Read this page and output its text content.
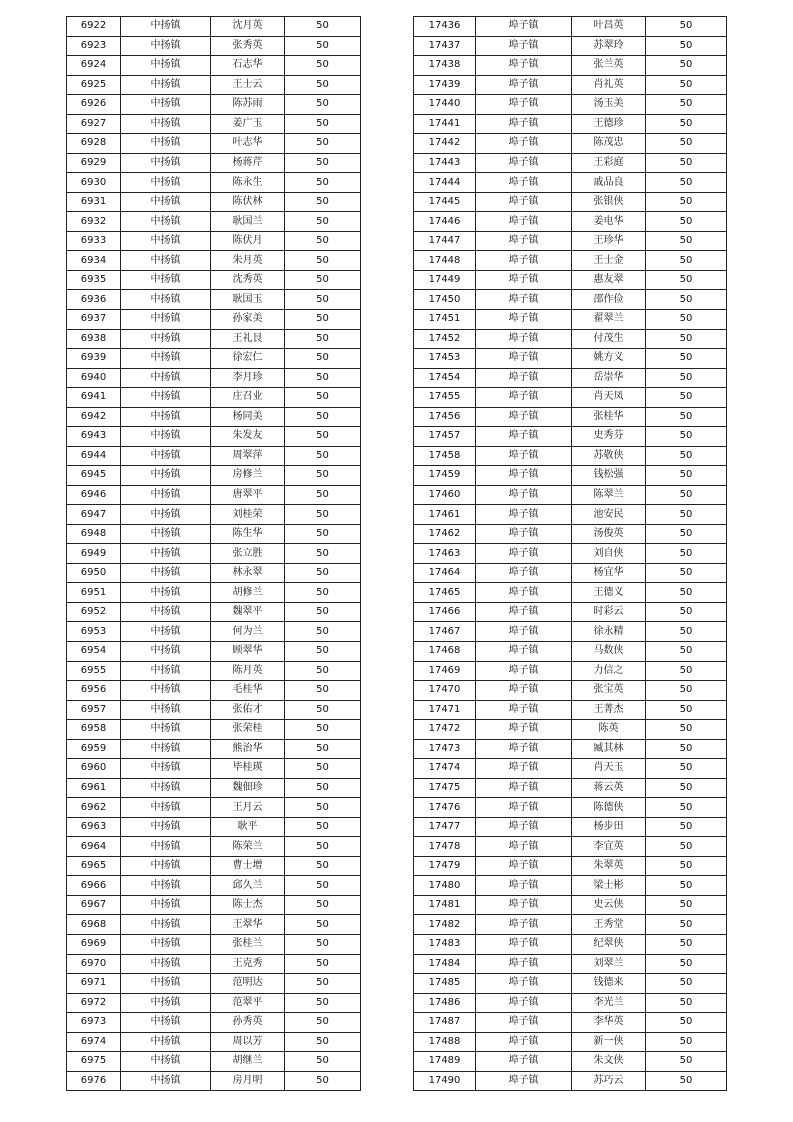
6922	中扬镇	沈月英	50
6923	中扬镇	张秀英	50
6924	中扬镇	石志华	50
6925	中扬镇	王士云	50
6926	中扬镇	陈苏雨	50
6927	中扬镇	姜广玉	50
6928	中扬镇	叶志华	50
6929	中扬镇	杨蒋芹	50
6930	中扬镇	陈永生	50
6931	中扬镇	陈伏林	50
6932	中扬镇	耿国兰	50
6933	中扬镇	陈伏月	50
6934	中扬镇	朱月英	50
6935	中扬镇	沈秀英	50
6936	中扬镇	耿国玉	50
6937	中扬镇	孙家美	50
6938	中扬镇	王礼艮	50
6939	中扬镇	徐宏仁	50
6940	中扬镇	李月珍	50
6941	中扬镇	庄召业	50
6942	中扬镇	杨同美	50
6943	中扬镇	朱发友	50
6944	中扬镇	周翠萍	50
6945	中扬镇	房修兰	50
6946	中扬镇	唐翠平	50
6947	中扬镇	刘桂荣	50
6948	中扬镇	陈生华	50
6949	中扬镇	张立胜	50
6950	中扬镇	林永翠	50
6951	中扬镇	胡修兰	50
6952	中扬镇	魏翠平	50
6953	中扬镇	何为兰	50
6954	中扬镇	顾翠华	50
6955	中扬镇	陈月英	50
6956	中扬镇	毛桂华	50
6957	中扬镇	张佑才	50
6958	中扬镇	张荣桂	50
6959	中扬镇	熊治华	50
6960	中扬镇	毕桂瑛	50
6961	中扬镇	魏佃珍	50
6962	中扬镇	王月云	50
6963	中扬镇	耿平	50
6964	中扬镇	陈荣兰	50
6965	中扬镇	曹士增	50
6966	中扬镇	邱久兰	50
6967	中扬镇	陈士杰	50
6968	中扬镇	王翠华	50
6969	中扬镇	张桂兰	50
6970	中扬镇	王克秀	50
6971	中扬镇	范明达	50
6972	中扬镇	范翠平	50
6973	中扬镇	孙秀英	50
6974	中扬镇	周以芳	50
6975	中扬镇	胡继兰	50
6976	中扬镇	房月明	50
17436	埠子镇	叶昌英	50
17437	埠子镇	苏翠玲	50
17438	埠子镇	张兰英	50
17439	埠子镇	肖礼英	50
17440	埠子镇	汤玉美	50
17441	埠子镇	王德珍	50
17442	埠子镇	陈茂忠	50
17443	埠子镇	王彩庭	50
17444	埠子镇	戚品良	50
17445	埠子镇	张银侠	50
17446	埠子镇	姜电华	50
17447	埠子镇	王珍华	50
17448	埠子镇	王士金	50
17449	埠子镇	惠友翠	50
17450	埠子镇	邵作俭	50
17451	埠子镇	翟翠兰	50
17452	埠子镇	付茂生	50
17453	埠子镇	姚方义	50
17454	埠子镇	岳崇华	50
17455	埠子镇	肖天凤	50
17456	埠子镇	张桂华	50
17457	埠子镇	史秀芬	50
17458	埠子镇	苏敬侠	50
17459	埠子镇	钱松强	50
17460	埠子镇	陈翠兰	50
17461	埠子镇	池安民	50
17462	埠子镇	汤俊英	50
17463	埠子镇	刘自侠	50
17464	埠子镇	杨宜华	50
17465	埠子镇	王德义	50
17466	埠子镇	时彩云	50
17467	埠子镇	徐永精	50
17468	埠子镇	马数侠	50
17469	埠子镇	力信之	50
17470	埠子镇	张宝英	50
17471	埠子镇	王菁杰	50
17472	埠子镇	陈英	50
17473	埠子镇	臧其林	50
17474	埠子镇	肖天玉	50
17475	埠子镇	蒋云英	50
17476	埠子镇	陈德侠	50
17477	埠子镇	杨步田	50
17478	埠子镇	李宜英	50
17479	埠子镇	朱翠英	50
17480	埠子镇	梁士彬	50
17481	埠子镇	史云侠	50
17482	埠子镇	王秀堂	50
17483	埠子镇	纪翠侠	50
17484	埠子镇	刘翠兰	50
17485	埠子镇	钱德来	50
17486	埠子镇	李光兰	50
17487	埠子镇	李华英	50
17488	埠子镇	新一侠	50
17489	埠子镇	朱文侠	50
17490	埠子镇	苏巧云	50
